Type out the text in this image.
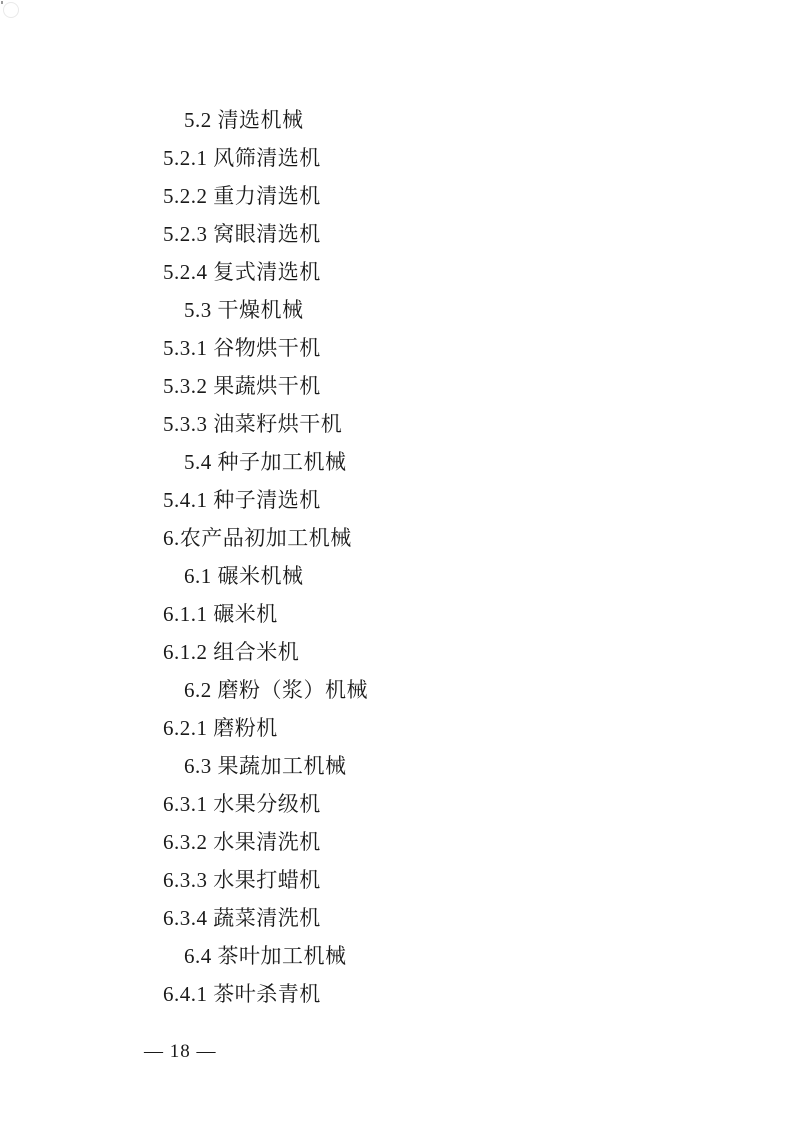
5.2 清选机械
5.2.1 风筛清选机
5.2.2 重力清选机
5.2.3 窝眼清选机
5.2.4 复式清选机
5.3 干燥机械
5.3.1 谷物烘干机
5.3.2 果蔬烘干机
5.3.3 油菜籽烘干机
5.4 种子加工机械
5.4.1 种子清选机
6.农产品初加工机械
6.1 碾米机械
6.1.1 碾米机
6.1.2 组合米机
6.2 磨粉（浆）机械
6.2.1 磨粉机
6.3 果蔬加工机械
6.3.1 水果分级机
6.3.2 水果清洗机
6.3.3 水果打蜡机
6.3.4 蔬菜清洗机
6.4 茶叶加工机械
6.4.1 茶叶杀青机
— 18 —
